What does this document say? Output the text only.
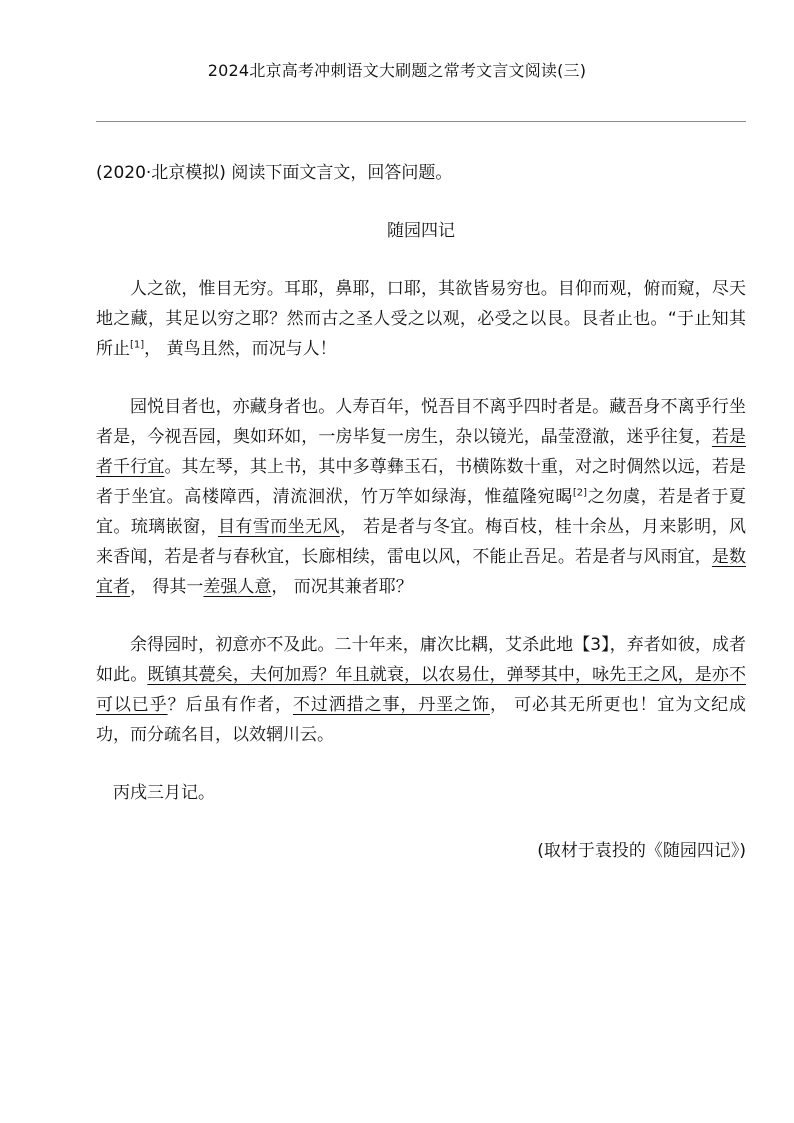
2024北京高考冲刺语文大刷题之常考文言文阅读(三)

(2020·北京模拟) 阅读下面文言文，回答问题。

随园四记

人之欲，惟目无穷。耳耶，鼻耶，口耶，其欲皆易穷也。目仰而观，俯而窥，尽天地之藏，其足以穷之耶？然而古之圣人受之以观，必受之以艮。艮者止也。“于止知其所止[1]， 黄鸟且然，而况与人！

园悦目者也，亦藏身者也。人寿百年，悦吾目不离乎四时者是。藏吾身不离乎行坐者是，今视吾园，奥如环如，一房毕复一房生，杂以镜光，晶莹澄澈，迷乎往复，若是者千行宜。其左琴，其上书，其中多尊彝玉石，书横陈数十重，对之时倜然以远，若是者于坐宜。高楼障西，清流洄洑，竹万竿如绿海，惟蕴隆宛暍[2]之勿虞，若是者于夏宜。琉璃嵌窗，目有雪而坐无风， 若是者与冬宜。梅百枝，桂十余丛，月来影明，风来香闻，若是者与春秋宜，长廊相续，雷电以风，不能止吾足。若是者与风雨宜，是数宜者， 得其一差强人意， 而况其兼者耶？

余得园时，初意亦不及此。二十年来，庸次比耦，艾杀此地【3】，弃者如彼，成者如此。既镇其甍矣，夫何加焉？年且就衰，以农易仕，弹琴其中，咏先王之风，是亦不可以已乎？后虽有作者，不过洒措之事，丹垩之饰， 可必其无所更也！宜为文纪成功，而分疏名目，以效辋川云。

丙戌三月记。

(取材于袁投的《随园四记》)
